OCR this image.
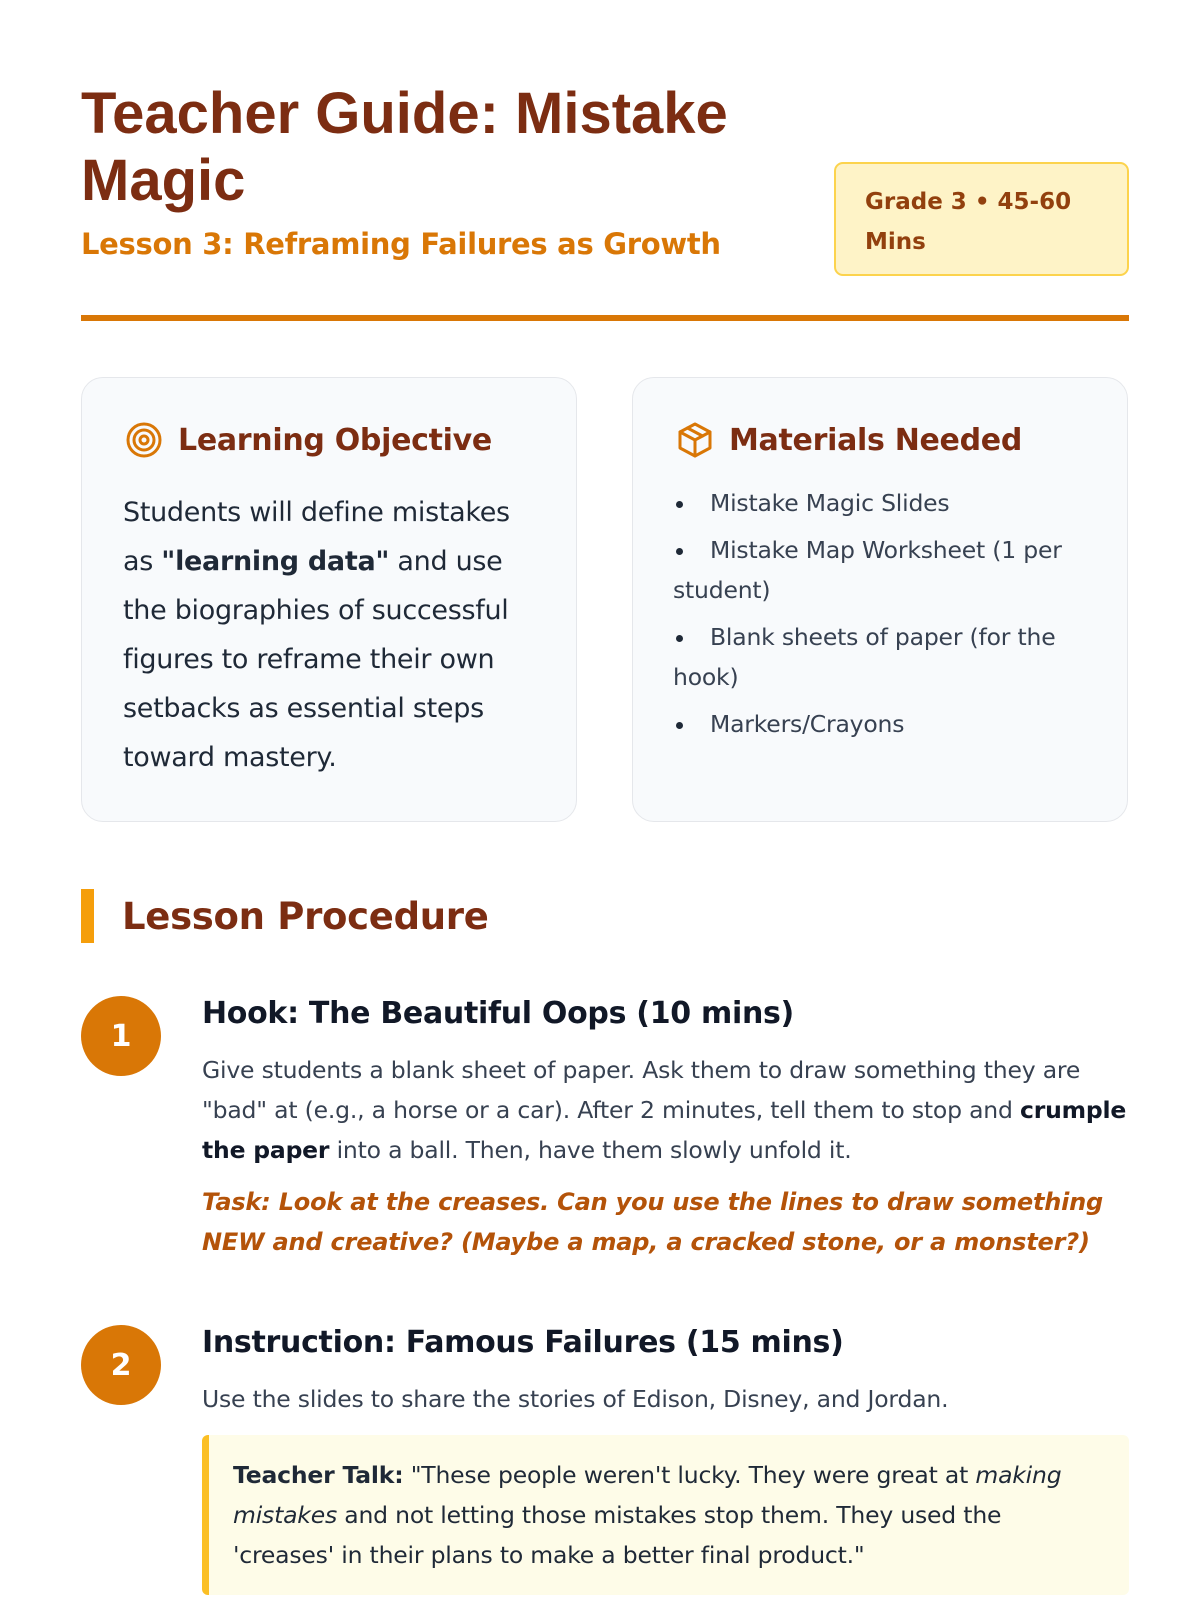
Teacher Guide: Mistake Magic
Lesson 3: Reframing Failures as Growth
Grade 3 • 45-60 Mins
Learning Objective

Students will define mistakes as "learning data" and use the biographies of successful figures to reframe their own setbacks as essential steps toward mastery.

Materials Needed
Mistake Magic Slides
Mistake Map Worksheet (1 per student)
Blank sheets of paper (for the hook)
Markers/Crayons
Lesson Procedure
1
Hook: The Beautiful Oops (10 mins)

Give students a blank sheet of paper. Ask them to draw something they are "bad" at (e.g., a horse or a car). After 2 minutes, tell them to stop and crumple the paper into a ball. Then, have them slowly unfold it.

Task: Look at the creases. Can you use the lines to draw something NEW and creative? (Maybe a map, a cracked stone, or a monster?)

2
Instruction: Famous Failures (15 mins)

Use the slides to share the stories of Edison, Disney, and Jordan.

Teacher Talk: "These people weren't lucky. They were great at making mistakes and not letting those mistakes stop them. They used the 'creases' in their plans to make a better final product."
